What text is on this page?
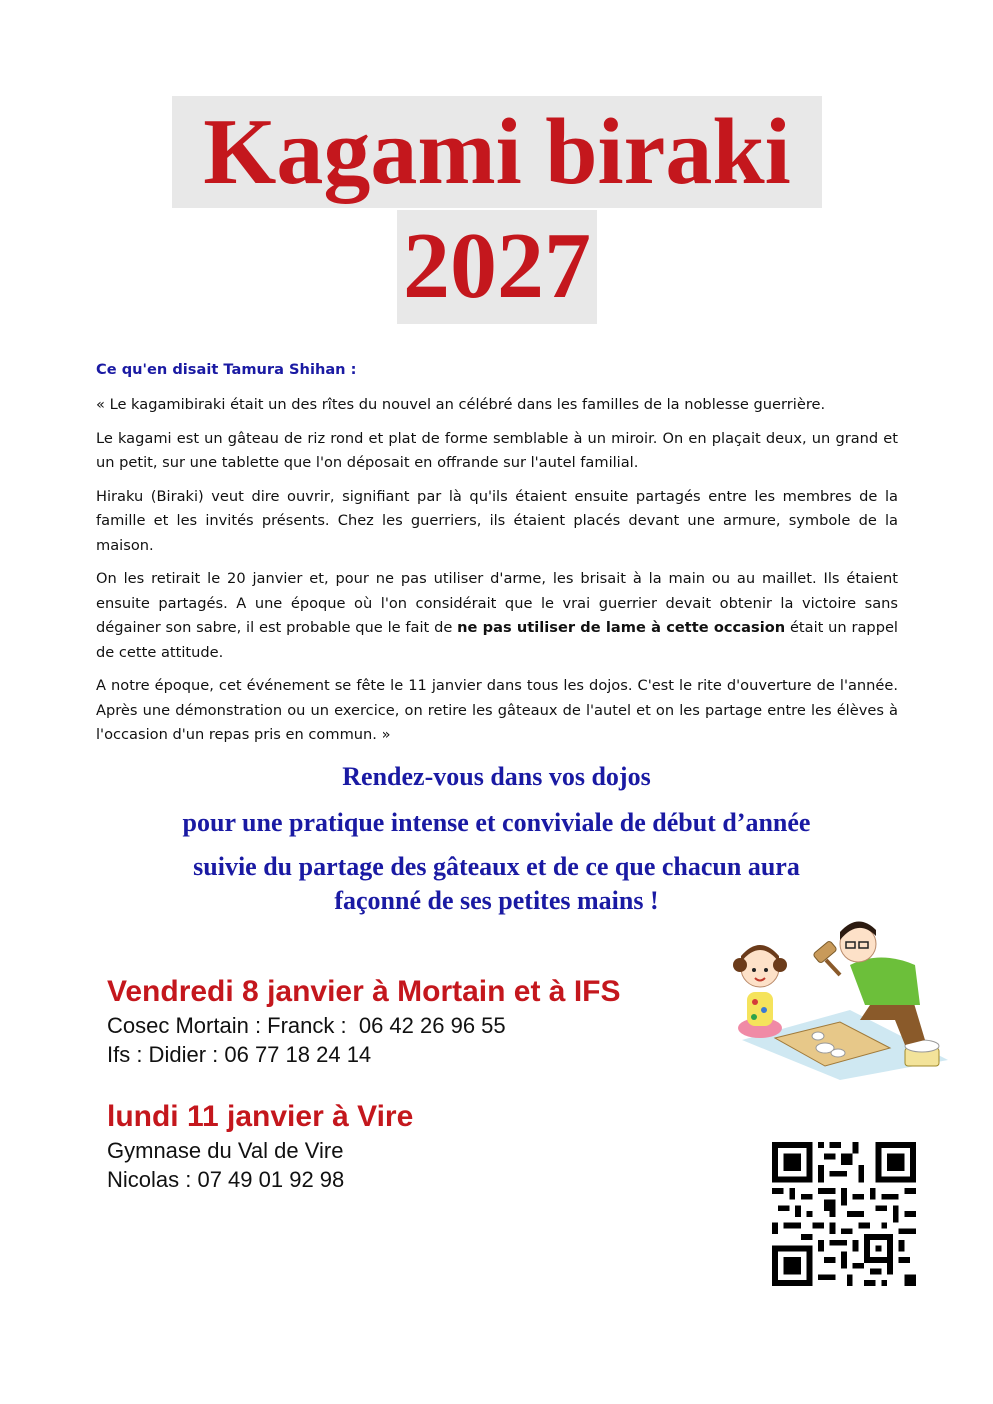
Kagami biraki
2027
Ce qu'en disait Tamura Shihan :

« Le kagamibiraki était un des rîtes du nouvel an célébré dans les familles de la noblesse guerrière.

Le kagami est un gâteau de riz rond et plat de forme semblable à un miroir. On en plaçait deux, un grand et un petit, sur une tablette que l'on déposait en offrande sur l'autel familial.

Hiraku (Biraki) veut dire ouvrir, signifiant par là qu'ils étaient ensuite partagés entre les membres de la famille et les invités présents. Chez les guerriers, ils étaient placés devant une armure, symbole de la maison.

On les retirait le 20 janvier et, pour ne pas utiliser d'arme, les brisait à la main ou au maillet. Ils étaient ensuite partagés. A une époque où l'on considérait que le vrai guerrier devait obtenir la victoire sans dégainer son sabre, il est probable que le fait de ne pas utiliser de lame à cette occasion était un rappel de cette attitude.

A notre époque, cet événement se fête le 11 janvier dans tous les dojos. C'est le rite d'ouverture de l'année. Après une démonstration ou un exercice, on retire les gâteaux de l'autel et on les partage entre les élèves à l'occasion d'un repas pris en commun. »

Rendez-vous dans vos dojos
pour une pratique intense et conviviale de début d’année
suivie du partage des gâteaux et de ce que chacun aura
façonné de ses petites mains !
Vendredi 8 janvier à Mortain et à IFS
Cosec Mortain : Franck :  06 42 26 96 55
Ifs : Didier : 06 77 18 24 14
lundi 11 janvier à Vire
Gymnase du Val de Vire
Nicolas : 07 49 01 92 98
